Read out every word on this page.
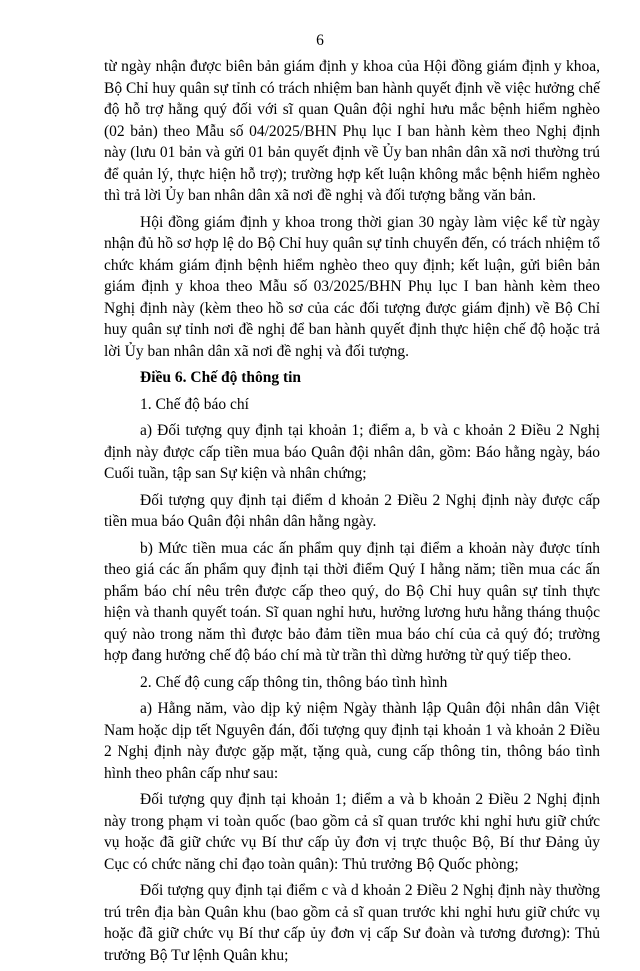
6

từ ngày nhận được biên bản giám định y khoa của Hội đồng giám định y khoa, Bộ Chỉ huy quân sự tỉnh có trách nhiệm ban hành quyết định về việc hưởng chế độ hỗ trợ hằng quý đối với sĩ quan Quân đội nghỉ hưu mắc bệnh hiểm nghèo (02 bản) theo Mẫu số 04/2025/BHN Phụ lục I ban hành kèm theo Nghị định này (lưu 01 bản và gửi 01 bản quyết định về Ủy ban nhân dân xã nơi thường trú để quản lý, thực hiện hỗ trợ); trường hợp kết luận không mắc bệnh hiểm nghèo thì trả lời Ủy ban nhân dân xã nơi đề nghị và đối tượng bằng văn bản.

Hội đồng giám định y khoa trong thời gian 30 ngày làm việc kể từ ngày nhận đủ hồ sơ hợp lệ do Bộ Chỉ huy quân sự tỉnh chuyển đến, có trách nhiệm tổ chức khám giám định bệnh hiểm nghèo theo quy định; kết luận, gửi biên bản giám định y khoa theo Mẫu số 03/2025/BHN Phụ lục I ban hành kèm theo Nghị định này (kèm theo hồ sơ của các đối tượng được giám định) về Bộ Chỉ huy quân sự tỉnh nơi đề nghị để ban hành quyết định thực hiện chế độ hoặc trả lời Ủy ban nhân dân xã nơi đề nghị và đối tượng.

Điều 6. Chế độ thông tin

1. Chế độ báo chí

a) Đối tượng quy định tại khoản 1; điểm a, b và c khoản 2 Điều 2 Nghị định này được cấp tiền mua báo Quân đội nhân dân, gồm: Báo hằng ngày, báo Cuối tuần, tập san Sự kiện và nhân chứng;

Đối tượng quy định tại điểm d khoản 2 Điều 2 Nghị định này được cấp tiền mua báo Quân đội nhân dân hằng ngày.

b) Mức tiền mua các ấn phẩm quy định tại điểm a khoản này được tính theo giá các ấn phẩm quy định tại thời điểm Quý I hằng năm; tiền mua các ấn phẩm báo chí nêu trên được cấp theo quý, do Bộ Chỉ huy quân sự tỉnh thực hiện và thanh quyết toán. Sĩ quan nghỉ hưu, hưởng lương hưu hằng tháng thuộc quý nào trong năm thì được bảo đảm tiền mua báo chí của cả quý đó; trường hợp đang hưởng chế độ báo chí mà từ trần thì dừng hưởng từ quý tiếp theo.

2. Chế độ cung cấp thông tin, thông báo tình hình

a) Hằng năm, vào dịp kỷ niệm Ngày thành lập Quân đội nhân dân Việt Nam hoặc dịp tết Nguyên đán, đối tượng quy định tại khoản 1 và khoản 2 Điều 2 Nghị định này được gặp mặt, tặng quà, cung cấp thông tin, thông báo tình hình theo phân cấp như sau:

Đối tượng quy định tại khoản 1; điểm a và b khoản 2 Điều 2 Nghị định này trong phạm vi toàn quốc (bao gồm cả sĩ quan trước khi nghỉ hưu giữ chức vụ hoặc đã giữ chức vụ Bí thư cấp ủy đơn vị trực thuộc Bộ, Bí thư Đảng ủy Cục có chức năng chỉ đạo toàn quân): Thủ trưởng Bộ Quốc phòng;

Đối tượng quy định tại điểm c và d khoản 2 Điều 2 Nghị định này thường trú trên địa bàn Quân khu (bao gồm cả sĩ quan trước khi nghỉ hưu giữ chức vụ hoặc đã giữ chức vụ Bí thư cấp ủy đơn vị cấp Sư đoàn và tương đương): Thủ trưởng Bộ Tư lệnh Quân khu;
